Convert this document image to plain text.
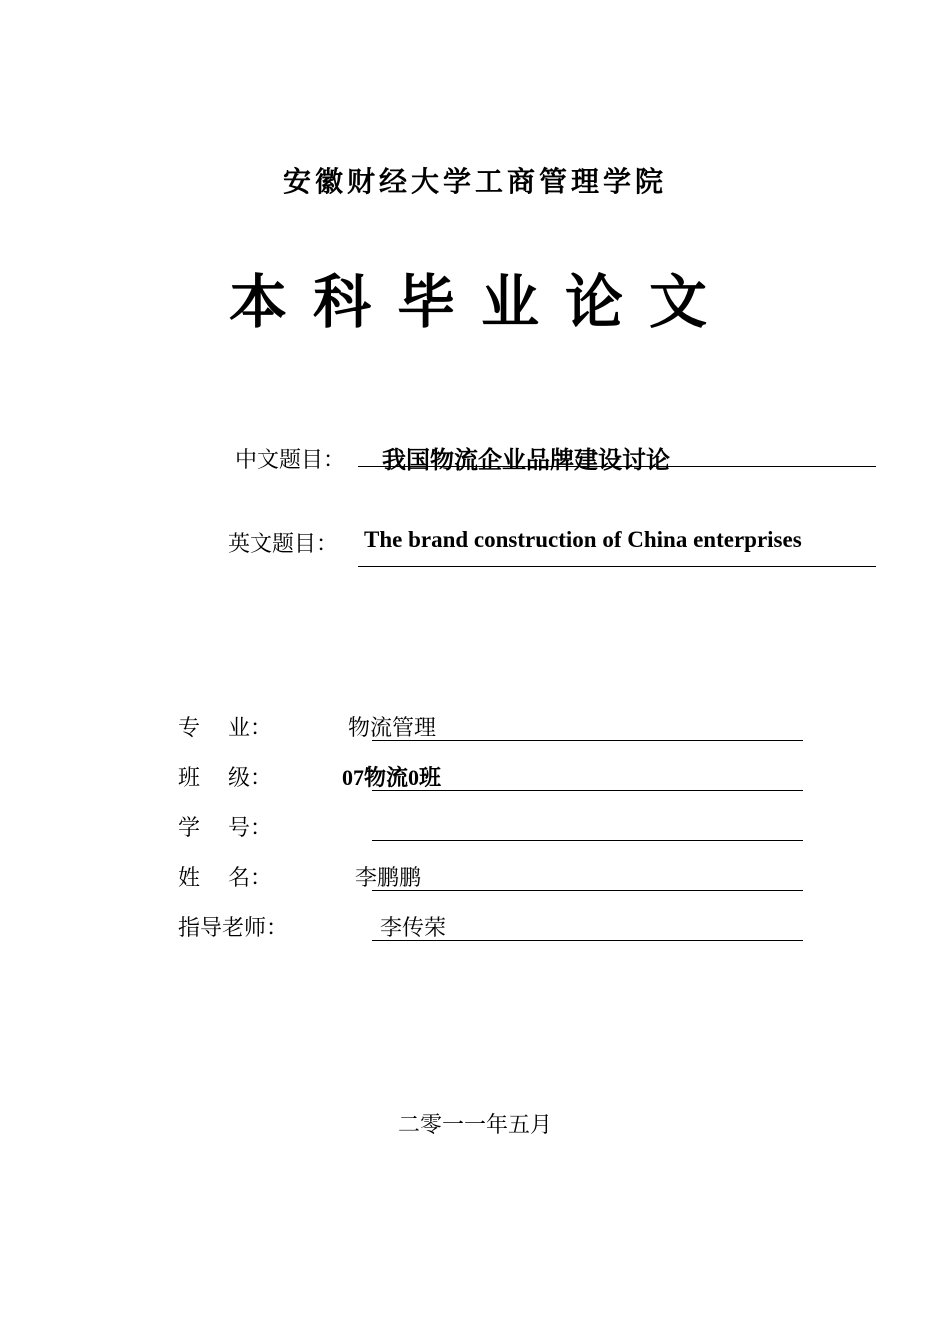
安徽财经大学工商管理学院
本科毕业论文
中文题目： 我国物流企业品牌建设讨论
英文题目： The brand construction of China enterprises
专    业：	物流管理
班    级：	07物流0班
学    号：
姓    名：	李鹏鹏
指导老师：	李传荣
二零一一年五月
